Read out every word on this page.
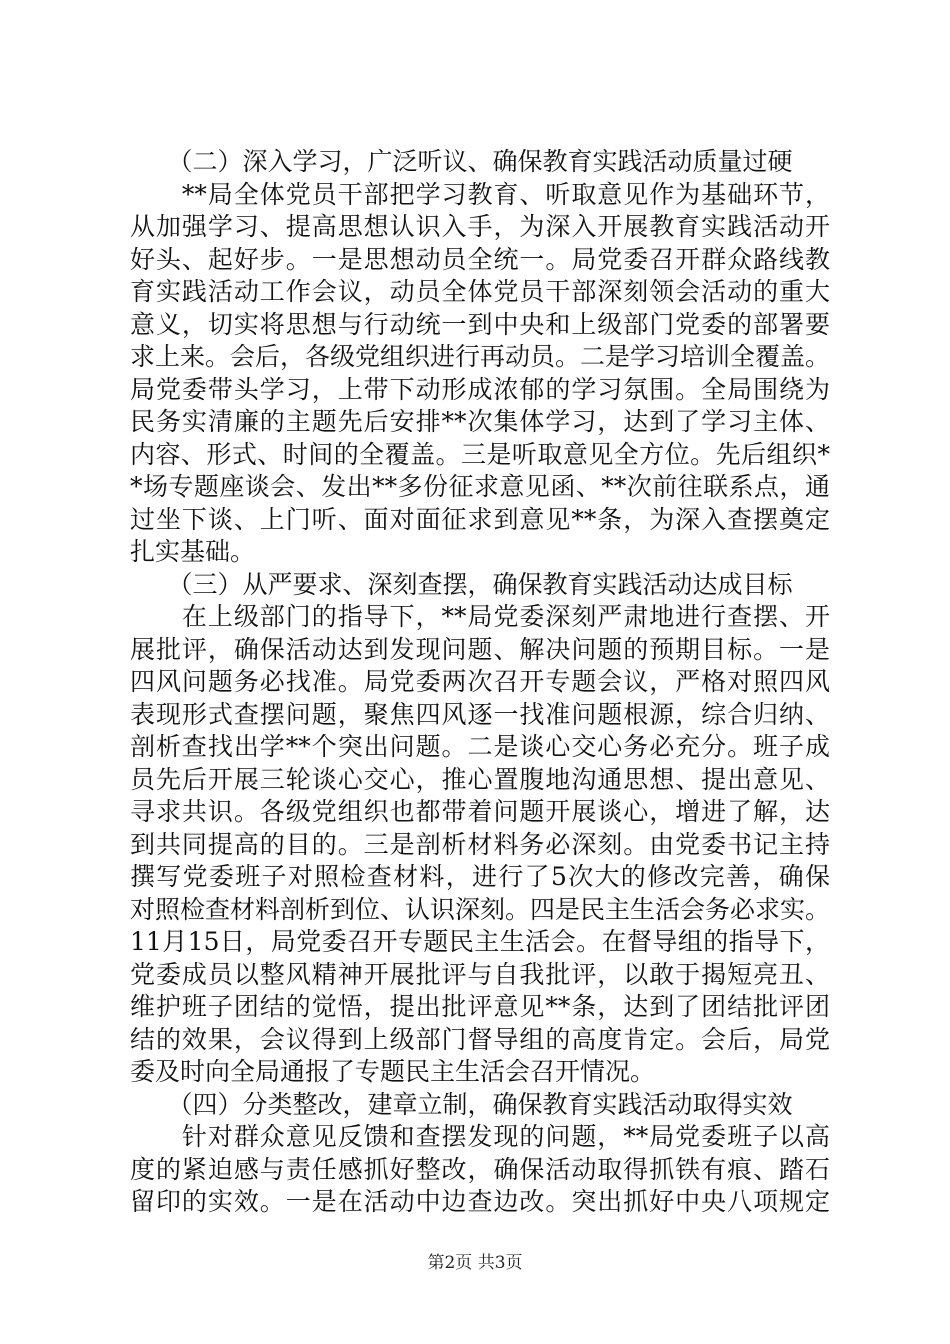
　　（二）深入学习，广泛听议、确保教育实践活动质量过硬
　　**局全体党员干部把学习教育、听取意见作为基础环节，
从加强学习、提高思想认识入手，为深入开展教育实践活动开
好头、起好步。一是思想动员全统一。局党委召开群众路线教
育实践活动工作会议，动员全体党员干部深刻领会活动的重大
意义，切实将思想与行动统一到中央和上级部门党委的部署要
求上来。会后，各级党组织进行再动员。二是学习培训全覆盖。
局党委带头学习，上带下动形成浓郁的学习氛围。全局围绕为
民务实清廉的主题先后安排**次集体学习，达到了学习主体、
内容、形式、时间的全覆盖。三是听取意见全方位。先后组织*
*场专题座谈会、发出**多份征求意见函、**次前往联系点，通
过坐下谈、上门听、面对面征求到意见**条，为深入查摆奠定
扎实基础。
　　（三）从严要求、深刻查摆，确保教育实践活动达成目标
　　在上级部门的指导下，**局党委深刻严肃地进行查摆、开
展批评，确保活动达到发现问题、解决问题的预期目标。一是
四风问题务必找准。局党委两次召开专题会议，严格对照四风
表现形式查摆问题，聚焦四风逐一找准问题根源，综合归纳、
剖析查找出学**个突出问题。二是谈心交心务必充分。班子成
员先后开展三轮谈心交心，推心置腹地沟通思想、提出意见、
寻求共识。各级党组织也都带着问题开展谈心，增进了解，达
到共同提高的目的。三是剖析材料务必深刻。由党委书记主持
撰写党委班子对照检查材料，进行了5次大的修改完善，确保
对照检查材料剖析到位、认识深刻。四是民主生活会务必求实。
11月15日，局党委召开专题民主生活会。在督导组的指导下，
党委成员以整风精神开展批评与自我批评，以敢于揭短亮丑、
维护班子团结的觉悟，提出批评意见**条，达到了团结批评团
结的效果，会议得到上级部门督导组的高度肯定。会后，局党
委及时向全局通报了专题民主生活会召开情况。
　　（四）分类整改，建章立制，确保教育实践活动取得实效
　　针对群众意见反馈和查摆发现的问题，**局党委班子以高
度的紧迫感与责任感抓好整改，确保活动取得抓铁有痕、踏石
留印的实效。一是在活动中边查边改。突出抓好中央八项规定
第2页 共3页
